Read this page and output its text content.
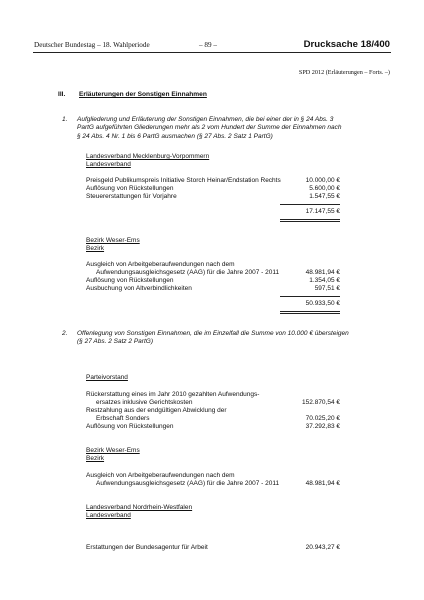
Deutscher Bundestag – 18. Wahlperiode	– 89 –	Drucksache 18/400
SPD 2012 (Erläuterungen – Forts. –)
III. Erläuterungen der Sonstigen Einnahmen
1. Aufgliederung und Erläuterung der Sonstigen Einnahmen, die bei einer der in § 24 Abs. 3
PartG aufgeführten Gliederungen mehr als 2 vom Hundert der Summe der Einnahmen nach
§ 24 Abs. 4 Nr. 1 bis 6 PartG ausmachen (§ 27 Abs. 2 Satz 1 PartG)
Landesverband Mecklenburg-Vorpommern
Landesverband
Preisgeld Publikumspreis Initiative Storch Heinar/Endstation Rechts	10.000,00 €
Auflösung von Rückstellungen	5.600,00 €
Steuererstattungen für Vorjahre	1.547,55 €
17.147,55 €
Bezirk Weser-Ems
Bezirk
Ausgleich von Arbeitgeberaufwendungen nach dem
Aufwendungsausgleichsgesetz (AAG) für die Jahre 2007 - 2011	48.981,94 €
Auflösung von Rückstellungen	1.354,05 €
Ausbuchung von Altverbindlichkeiten	597,51 €
50.933,50 €
2. Offenlegung von Sonstigen Einnahmen, die im Einzelfall die Summe von 10.000 € übersteigen
(§ 27 Abs. 2 Satz 2 PartG)
Parteivorstand
Rückerstattung eines im Jahr 2010 gezahlten Aufwendungs-
ersatzes inklusive Gerichtskosten	152.870,54 €
Restzahlung aus der endgültigen Abwicklung der
Erbschaft Sonders	70.025,20 €
Auflösung von Rückstellungen	37.292,83 €
Bezirk Weser-Ems
Bezirk
Ausgleich von Arbeitgeberaufwendungen nach dem
Aufwendungsausgleichsgesetz (AAG) für die Jahre 2007 - 2011	48.981,94 €
Landesverband Nordrhein-Westfalen
Landesverband
Erstattungen der Bundesagentur für Arbeit	20.943,27 €
